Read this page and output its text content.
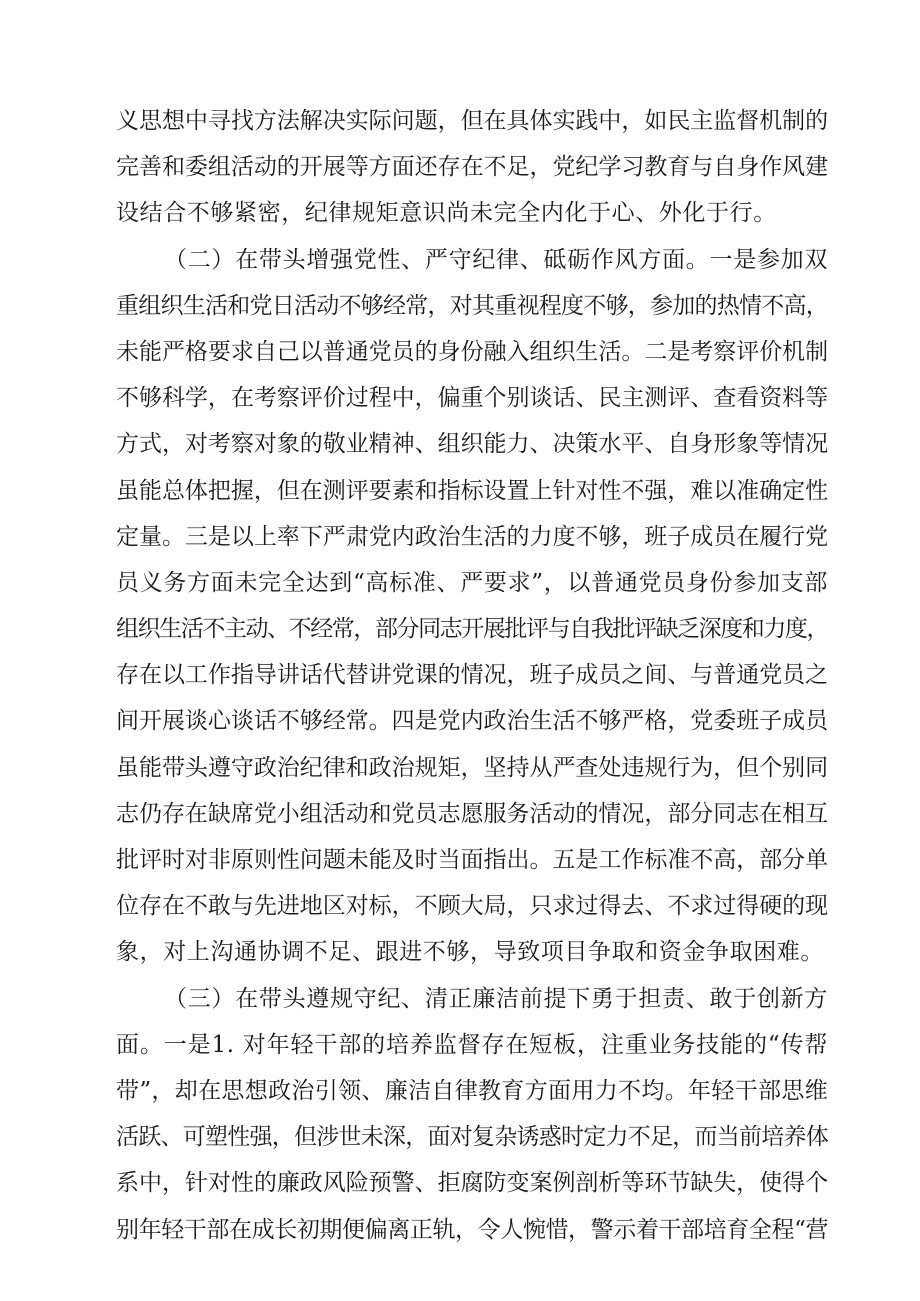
义思想中寻找方法解决实际问题，但在具体实践中，如民主监督机制的
完善和委组活动的开展等方面还存在不足，党纪学习教育与自身作风建
设结合不够紧密，纪律规矩意识尚未完全内化于心、外化于行。
（二）在带头增强党性、严守纪律、砥砺作风方面。一是参加双
重组织生活和党日活动不够经常，对其重视程度不够，参加的热情不高，
未能严格要求自己以普通党员的身份融入组织生活。二是考察评价机制
不够科学，在考察评价过程中，偏重个别谈话、民主测评、查看资料等
方式，对考察对象的敬业精神、组织能力、决策水平、自身形象等情况
虽能总体把握，但在测评要素和指标设置上针对性不强，难以准确定性
定量。三是以上率下严肃党内政治生活的力度不够，班子成员在履行党
员义务方面未完全达到“高标准、严要求”，以普通党员身份参加支部
组织生活不主动、不经常，部分同志开展批评与自我批评缺乏深度和力度，
存在以工作指导讲话代替讲党课的情况，班子成员之间、与普通党员之
间开展谈心谈话不够经常。四是党内政治生活不够严格，党委班子成员
虽能带头遵守政治纪律和政治规矩，坚持从严查处违规行为，但个别同
志仍存在缺席党小组活动和党员志愿服务活动的情况，部分同志在相互
批评时对非原则性问题未能及时当面指出。五是工作标准不高，部分单
位存在不敢与先进地区对标，不顾大局，只求过得去、不求过得硬的现
象，对上沟通协调不足、跟进不够，导致项目争取和资金争取困难。
（三）在带头遵规守纪、清正廉洁前提下勇于担责、敢于创新方
面。一是1. 对年轻干部的培养监督存在短板，注重业务技能的“传帮
带”，却在思想政治引领、廉洁自律教育方面用力不均。年轻干部思维
活跃、可塑性强，但涉世未深，面对复杂诱惑时定力不足，而当前培养体
系中，针对性的廉政风险预警、拒腐防变案例剖析等环节缺失，使得个
别年轻干部在成长初期便偏离正轨，令人惋惜，警示着干部培育全程“营
